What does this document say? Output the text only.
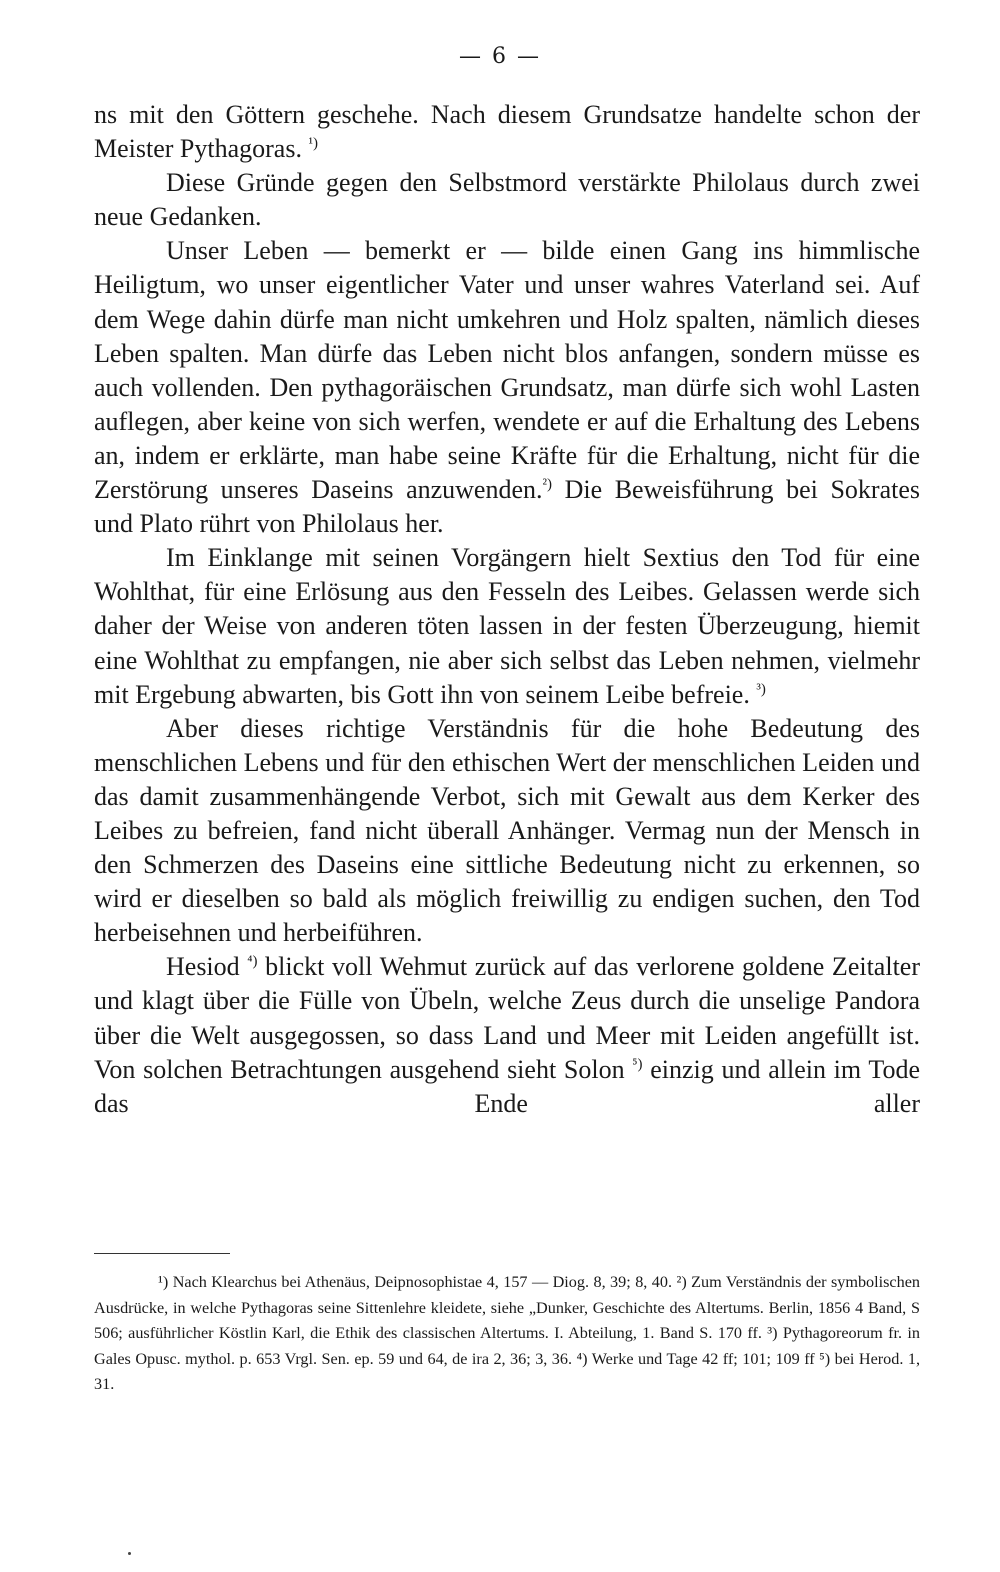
— 6 —

ns mit den Göttern geschehe. Nach diesem Grundsatze handelte schon der Meister Pythagoras. $^{^1)}$

Diese Gründe gegen den Selbstmord verstärkte Philolaus durch zwei neue Gedanken.

Unser Leben — bemerkt er — bilde einen Gang ins himmlische Heiligtum, wo unser eigentlicher Vater und unser wahres Vaterland sei. Auf dem Wege dahin dürfe man nicht umkehren und Holz spalten, nämlich dieses Leben spalten. Man dürfe das Leben nicht blos anfangen, sondern müsse es auch vollenden. Den pythagoräischen Grundsatz, man dürfe sich wohl Lasten auflegen, aber keine von sich werfen, wendete er auf die Erhaltung des Lebens an, indem er erklärte, man habe seine Kräfte für die Erhaltung, nicht für die Zerstörung unseres Daseins anzuwenden.$^{^2)}$ Die Beweisführung bei Sokrates und Plato rührt von Philolaus her.

Im Einklange mit seinen Vorgängern hielt Sextius den Tod für eine Wohlthat, für eine Erlösung aus den Fesseln des Leibes. Gelassen werde sich daher der Weise von anderen töten lassen in der festen Überzeugung, hiemit eine Wohlthat zu empfangen, nie aber sich selbst das Leben nehmen, vielmehr mit Ergebung abwarten, bis Gott ihn von seinem Leibe befreie. $^{^3)}$

Aber dieses richtige Verständnis für die hohe Bedeutung des menschlichen Lebens und für den ethischen Wert der menschlichen Leiden und das damit zusammenhängende Verbot, sich mit Gewalt aus dem Kerker des Leibes zu befreien, fand nicht überall Anhänger. Vermag nun der Mensch in den Schmerzen des Daseins eine sittliche Bedeutung nicht zu erkennen, so wird er dieselben so bald als möglich freiwillig zu endigen suchen, den Tod herbeisehnen und herbeiführen.

Hesiod $^{^4)}$ blickt voll Wehmut zurück auf das verlorene goldene Zeitalter und klagt über die Fülle von Übeln, welche Zeus durch die unselige Pandora über die Welt ausgegossen, so dass Land und Meer mit Leiden angefüllt ist. Von solchen Betrachtungen ausgehend sieht Solon $^{^5)}$ einzig und allein im Tode das Ende aller

¹) Nach Klearchus bei Athenäus, Deipnosophistae 4, 157 — Diog. 8, 39; 8, 40. ²) Zum Verständnis der symbolischen Ausdrücke, in welche Pythagoras seine Sittenlehre kleidete, siehe „Dunker, Geschichte des Altertums. Berlin, 1856 4 Band, S 506; ausführlicher Köstlin Karl, die Ethik des classischen Altertums. I. Abteilung, 1. Band S. 170 ff. ³) Pythagoreorum fr. in Gales Opusc. mythol. p. 653 Vrgl. Sen. ep. 59 und 64, de ira 2, 36; 3, 36. ⁴) Werke und Tage 42 ff; 101; 109 ff ⁵) bei Herod. 1, 31.
